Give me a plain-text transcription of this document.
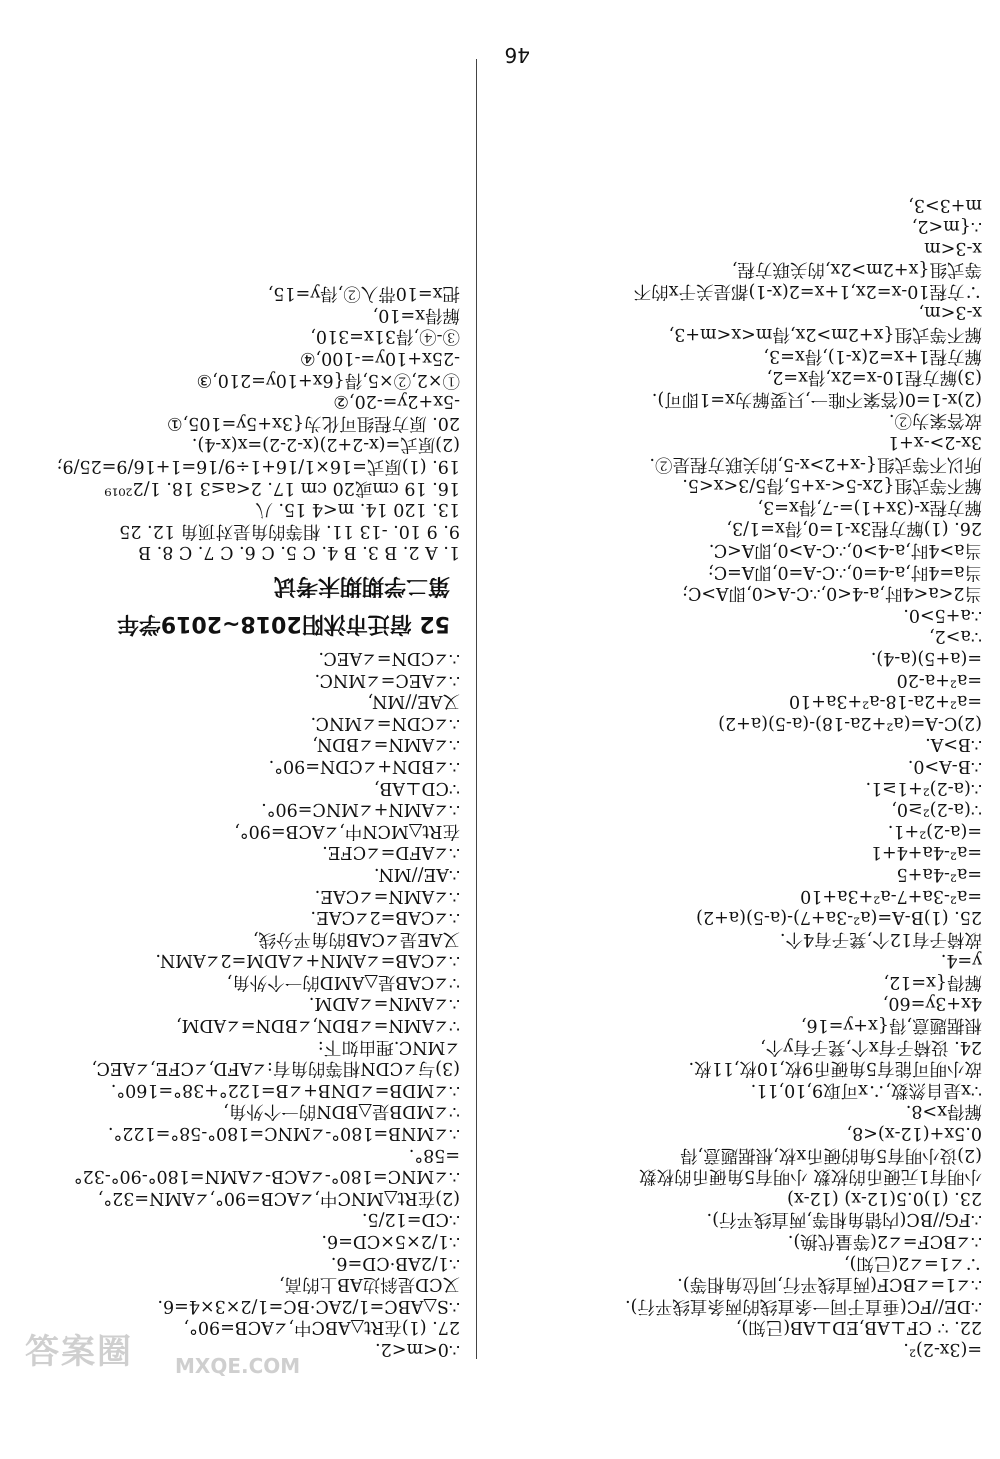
答案圈 MXQE.COM
=(3x-2)².
22. ∵ CF⊥AB,ED⊥AB(已知),
∴DE//FC(垂直于同一条直线的两条直线平行).
∴∠1=∠BCF(两直线平行,同位角相等).
∵∠1=∠2(已知),
∴∠BCF=∠2(等量代换).
∴FG//BC(内错角相等,两直线平行).
23. (1)0.5(12-x) (12-x)
小明有1元硬币的枚数 小明有5角硬币的枚数
(2)设小明有5角的硬币x枚,根据题意,得
0.5x+(12-x)<8,
解得x>8.
∵x是自然数,∴x可取9,10,11.
故小明可能有5角硬币9枚,10枚,11枚.
24. 设椅子有x个,凳子有y个,
根据题意,得{x+y=16,
4x+3y=60,
解得{x=12,
y=4.
故椅子有12个,凳子有4个.
25. (1)B-A=(a²-3a+7)-(a-5)(a+2)
=a²-3a+7-a²+3a+10
=a²-4a+5
=a²-4a+4+1
=(a-2)²+1.
∵(a-2)²≥0,
∴(a-2)²+1≥1.
∴B-A>0.
∴B>A.
(2)C-A=(a²+2a-18)-(a-5)(a+2)
=a²+2a-18-a²+3a+10
=a²+a-20
=(a+5)(a-4).
∵a>2,
∴a+5>0.
当2<a<4时,a-4<0,∴C-A<0,即A>C;
当a=4时,a-4=0,∴C-A=0,即A=C;
当a>4时,a-4>0,∴C-A>0,即A<C.
26. (1)解方程3x-1=0,得x=1/3,
解方程x-(3x+1)=-7,得x=3,
解不等式组{2x-5<-x+5,得5/3<x<5.
所以不等式组{-x+2>x-5,的关联方程是②.
3x-2>-x+1
故答案为②.
(2)x-1=0(答案不唯一,只要解为x=1即可).
(3)解方程10-x=2x,得x=2,
解方程1+x=2(x-1),得x=3,
解不等式组{x+2m>2x,得m<x<m+3,
x-3<m,
∵方程10-x=2x,1+x=2(x-1)都是关于x的不
等式组{x+2m>2x,的关联方程,
x-3<m
∴{m<2,
m+3>3,
∴0<m<2.
27. (1)在Rt△ABC中,∠ACB=90°,
∴S△ABC=1/2AC·BC=1/2×3×4=6.
又CD是斜边AB上的高,
∴1/2AB·CD=6.
∴1/2×5×CD=6.
∴CD=12/5.
(2)在Rt△MNC中,∠ACB=90°,∠AMN=32°,
∴∠MNC=180°-∠ACB-∠AMN=180°-90°-32°
=58°.
∴∠MNB=180°-∠MNC=180°-58°=122°.
∵∠MDB是△BDN的一个外角,
∴∠MDB=∠DNB+∠B=122°+38°=160°.
(3)与∠CDN相等的角有:∠AFD,∠CFE,∠AEC,
∠MNC.理由如下:
∵∠AMN=∠BDN,∠BDN=∠ADM,
∴∠AMN=∠ADM.
∵∠CAB是△AMD的一个外角,
∴∠CAB=∠AMN+∠ADM=2∠AMN.
又AE是∠CAB的角平分线,
∴∠CAB=2∠CAE.
∴∠AMN=∠CAE.
∴AE//MN.
∴∠AFD=∠CFE.
在Rt△MCN中,∠ACB=90°,
∴∠AMN+∠MNC=90°.
∵CD⊥AB,
∴∠BDN+∠CDN=90°.
∴∠AMN=∠BDN,
∴∠CDN=∠MNC.
又AE//MN,
∴∠AEC=∠MNC.
∴∠CDN=∠AEC.
52 宿迁市沭阳2018~2019学年
第二学期期末考试
1. A 2. B 3. B 4. C 5. C 6. C 7. C 8. B
9. 9 10. -13 11. 相等的角是对顶角 12. 25
13. 120 14. m<4 15. 八
16. 19 cm或20 cm 17. 2<a≤3 18. 1/2²⁰¹⁹
19. (1)原式=16×1/16+1÷9/16=1+16/9=25/9;
(2)原式=(x-2+2)(x-2-2)=x(x-4).
20. 原方程组可化为{3x+5y=105,①
-5x+2y=-20,②
①×2,②×5,得{6x+10y=210,③
-25x+10y=-100,④
③-④,得31x=310,
解得x=10,
把x=10带入②,得y=15,
46
